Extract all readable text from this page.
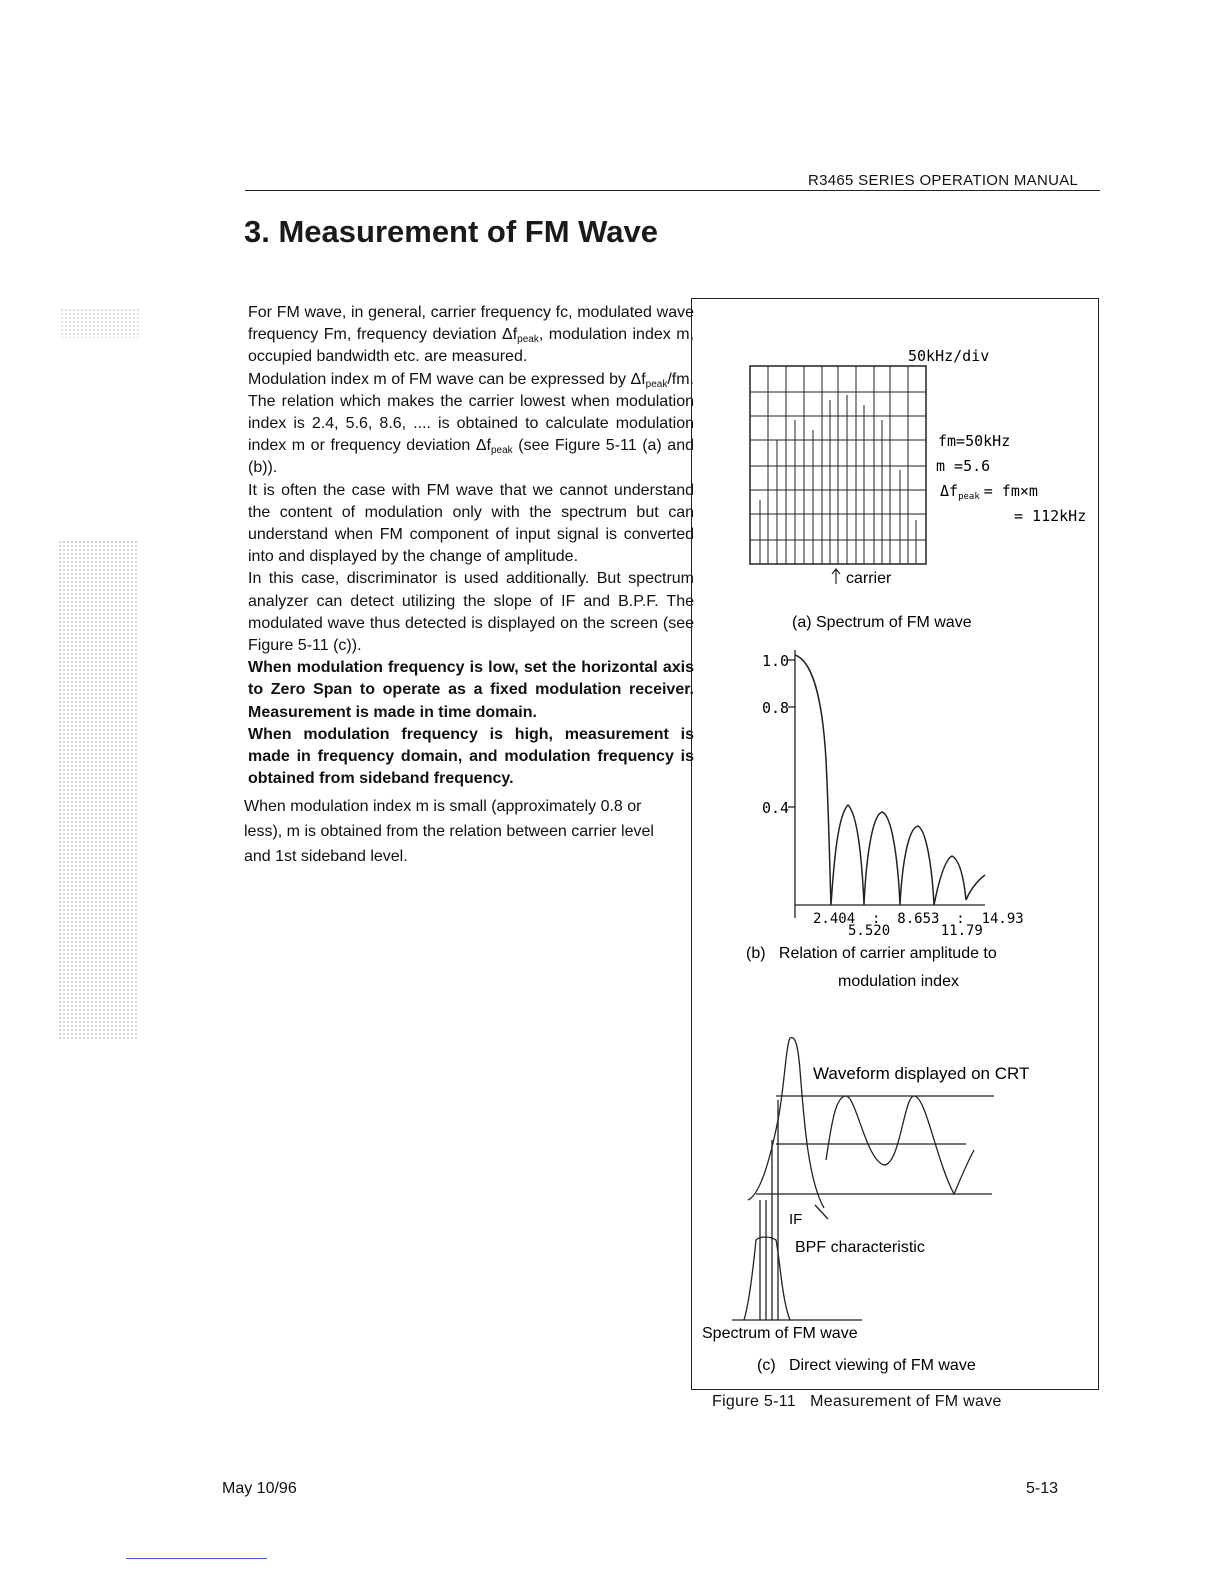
R3465 SERIES OPERATION MANUAL
3. Measurement of FM Wave

For FM wave, in general, carrier frequency fc, modulated wave frequency Fm, frequency deviation $\Delta f_{peak}$, modulation index m, occupied bandwidth etc. are measured.

Modulation index m of FM wave can be expressed by $\Delta f_{peak}/fm$. The relation which makes the carrier lowest when modulation index is 2.4, 5.6, 8.6, .... is obtained to calculate modulation index m or frequency deviation $\Delta f_{peak}$ (see Figure 5-11 (a) and (b)).

It is often the case with FM wave that we cannot understand the content of modulation only with the spectrum but can understand when FM component of input signal is converted into and displayed by the change of amplitude.

In this case, discriminator is used additionally. But spectrum analyzer can detect utilizing the slope of IF and B.P.F. The modulated wave thus detected is displayed on the screen (see Figure 5-11 (c)).

When modulation frequency is low, set the horizontal axis to Zero Span to operate as a fixed modulation receiver. Measurement is made in time domain.

When modulation frequency is high, measurement is made in frequency domain, and modulation frequency is obtained from sideband frequency.

When modulation index m is small (approximately 0.8 or less), m is obtained from the relation between carrier level and 1st sideband level.

50kHz/div
fm=50kHz
m =5.6
$\Delta f_{peak} = fm\times m$
= 112kHz
carrier
(a) Spectrum of FM wave
1.0
0.8
0.4
2.404  :  8.653  :  14.93
5.520      11.79
(b)   Relation of carrier amplitude to
modulation index
Waveform displayed on CRT
IF
BPF characteristic
Spectrum of FM wave
(c)   Direct viewing of FM wave
Figure 5-11   Measurement of FM wave
May 10/96	5-13
